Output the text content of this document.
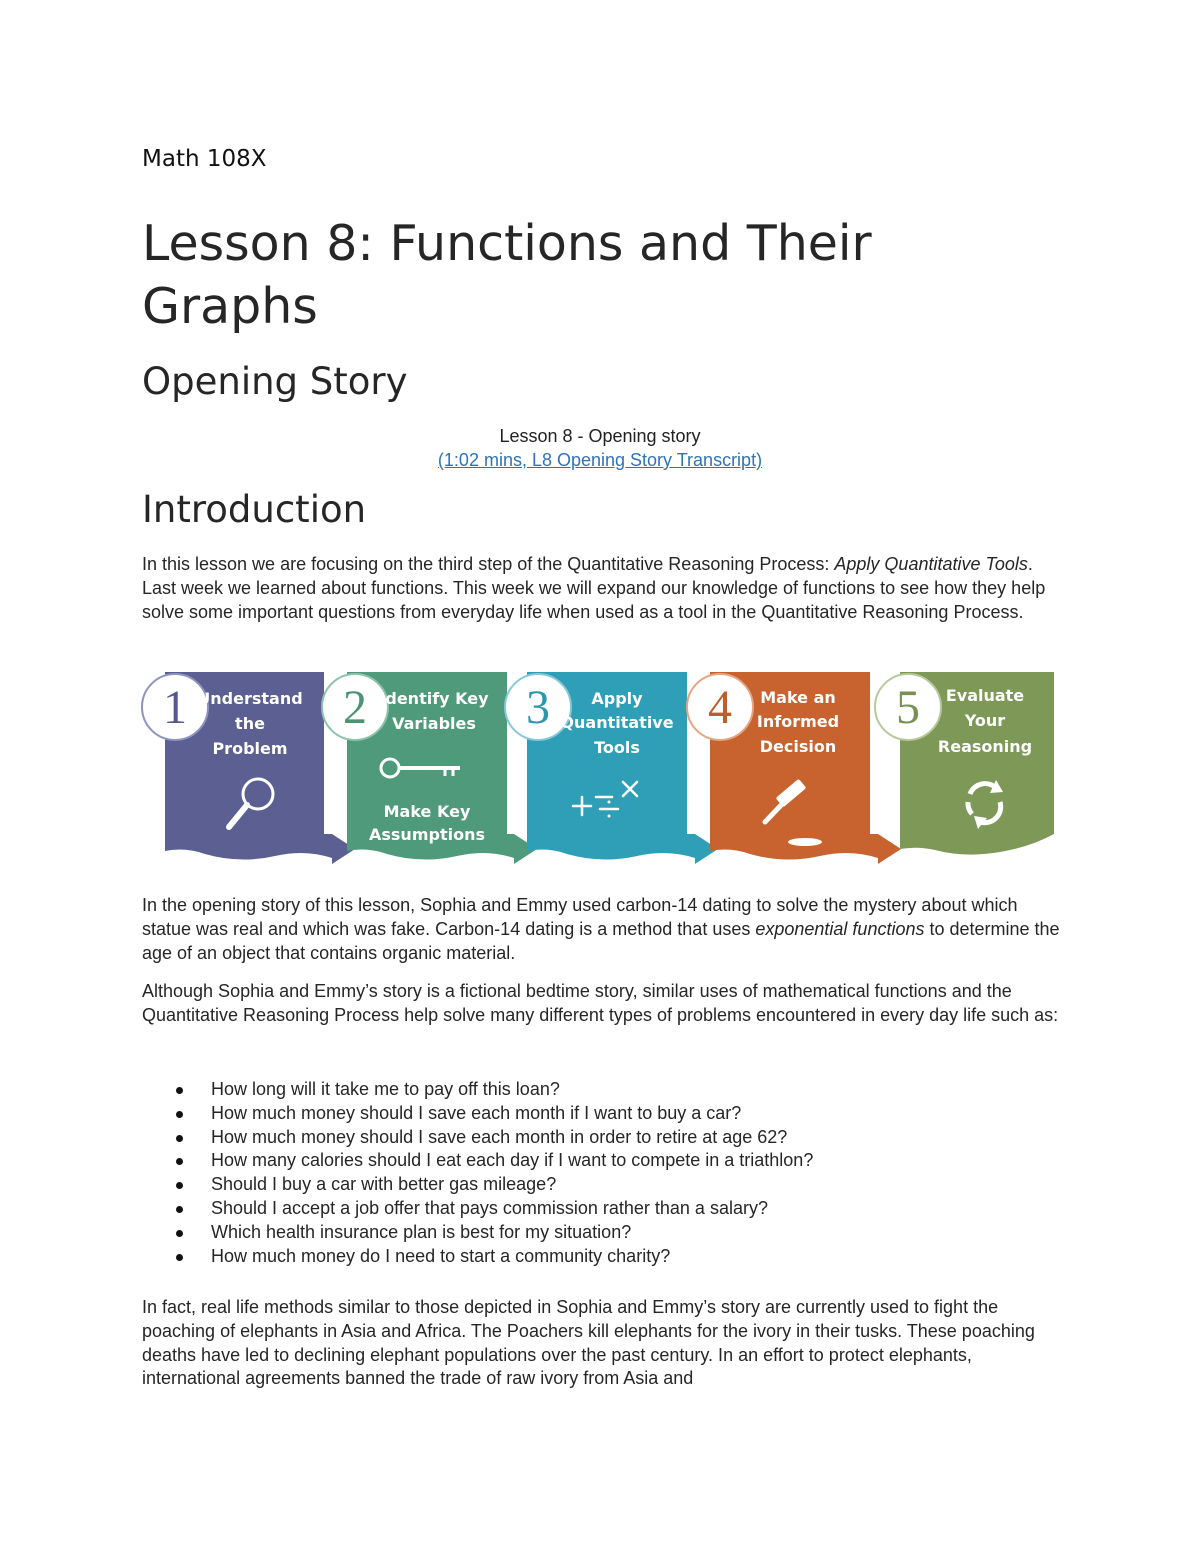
Math 108X
Lesson 8: Functions and Their Graphs
Opening Story
Lesson 8 - Opening story
(1:02 mins, L8 Opening Story Transcript)
Introduction

In this lesson we are focusing on the third step of the Quantitative Reasoning Process: Apply Quantitative Tools. Last week we learned about functions. This week we will expand our knowledge of functions to see how they help solve some important questions from everyday life when used as a tool in the Quantitative Reasoning Process.

1 Understand
the
Problem
2 Identify Key
Variables
Make Key
Assumptions
3	Apply
Quantitative
Tools
4 Make an
Informed
Decision
5 Evaluate
Your
Reasoning

In the opening story of this lesson, Sophia and Emmy used carbon-14 dating to solve the mystery about which statue was real and which was fake. Carbon-14 dating is a method that uses exponential functions to determine the age of an object that contains organic material.

Although Sophia and Emmy’s story is a fictional bedtime story, similar uses of mathematical functions and the Quantitative Reasoning Process help solve many different types of problems encountered in every day life such as:

How long will it take me to pay off this loan?
How much money should I save each month if I want to buy a car?
How much money should I save each month in order to retire at age 62?
How many calories should I eat each day if I want to compete in a triathlon?
Should I buy a car with better gas mileage?
Should I accept a job offer that pays commission rather than a salary?
Which health insurance plan is best for my situation?
How much money do I need to start a community charity?

In fact, real life methods similar to those depicted in Sophia and Emmy’s story are currently used to fight the poaching of elephants in Asia and Africa. The Poachers kill elephants for the ivory in their tusks. These poaching deaths have led to declining elephant populations over the past century. In an effort to protect elephants, international agreements banned the trade of raw ivory from Asia and
